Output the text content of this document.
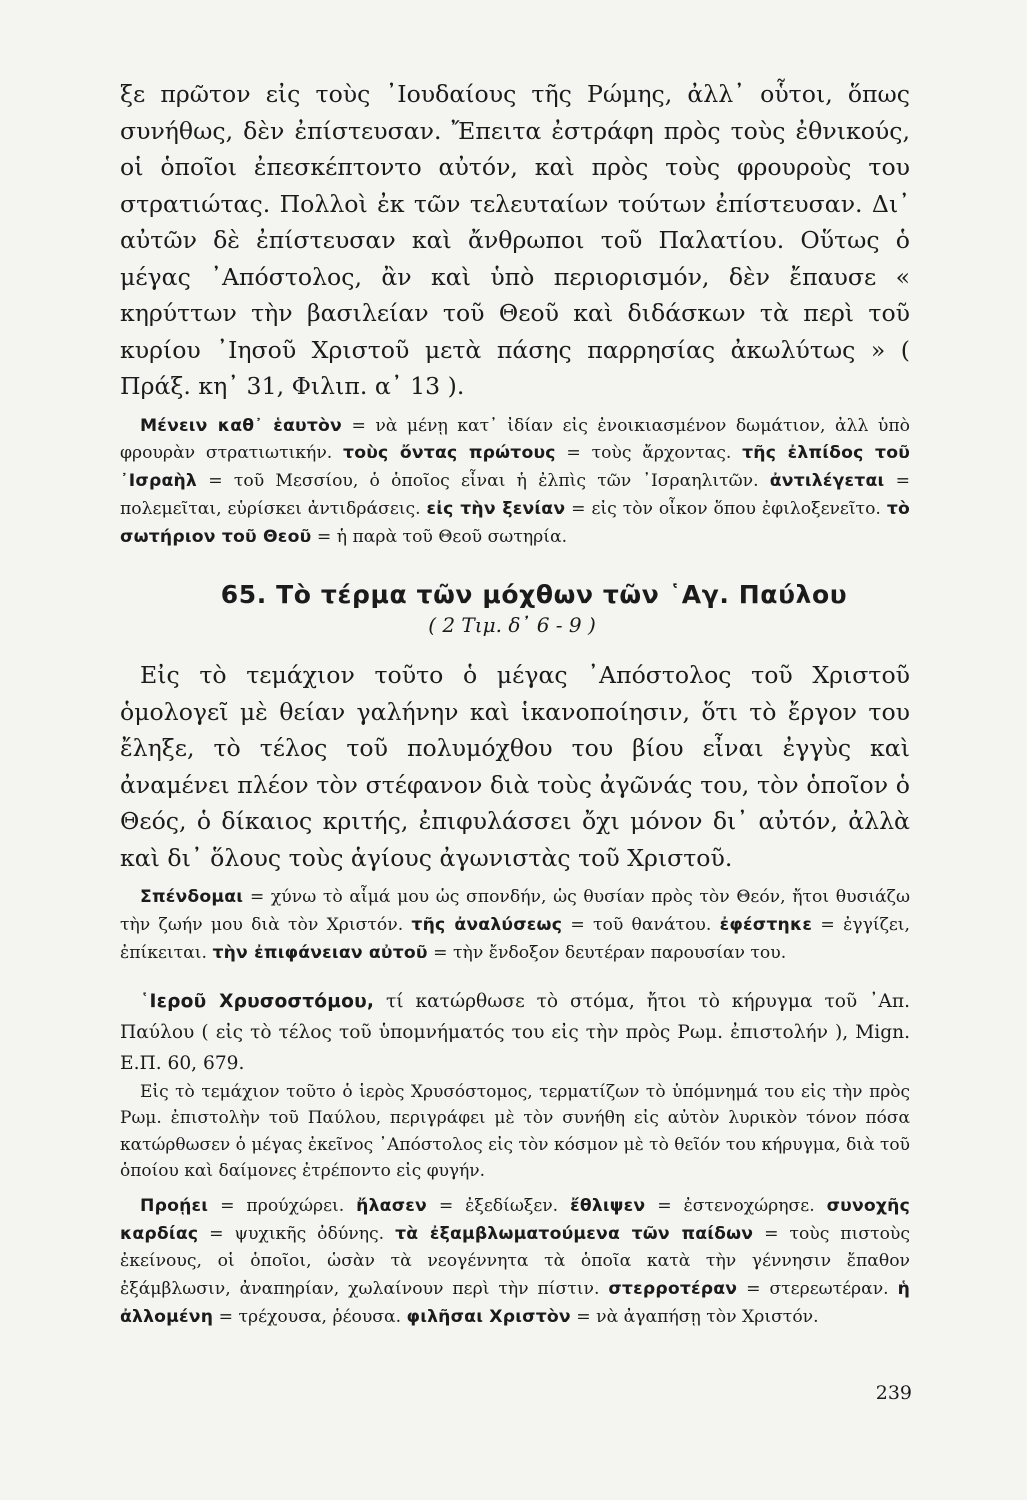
ξε πρῶτον εἰς τοὺς ᾿Ιουδαίους τῆς Ρώμης, ἀλλ᾿ οὗτοι, ὅπως συνήθως, δὲν ἐπίστευσαν. Ἔπειτα ἐστράφη πρὸς τοὺς ἐθνικούς, οἱ ὁποῖοι ἐπεσκέπτοντο αὐτόν, καὶ πρὸς τοὺς φρουροὺς του στρατιώτας. Πολλοὶ ἐκ τῶν τελευταίων τούτων ἐπίστευσαν. Δι᾿ αὐτῶν δὲ ἐπίστευσαν καὶ ἄνθρωποι τοῦ Παλατίου. Οὕτως ὁ μέγας ᾿Απόστολος, ἂν καὶ ὑπὸ περιορισμόν, δὲν ἔπαυσε « κηρύττων τὴν βασιλείαν τοῦ Θεοῦ καὶ διδάσκων τὰ περὶ τοῦ κυρίου ᾿Ιησοῦ Χριστοῦ μετὰ πάσης παρρησίας ἀκωλύτως » ( Πράξ. κη᾿ 31, Φιλιπ. α᾿ 13 ).

Μένειν καθ᾿ ἑαυτὸν = νὰ μένῃ κατ᾿ ἰδίαν εἰς ἐνοικιασμένον δωμάτιον, ἀλλ ὑπὸ φρουρὰν στρατιωτικήν. τοὺς ὄντας πρώτους = τοὺς ἄρχοντας. τῆς ἐλπίδος τοῦ ᾿Ισραὴλ = τοῦ Μεσσίου, ὁ ὁποῖος εἶναι ἡ ἐλπὶς τῶν ᾿Ισραηλιτῶν. ἀντιλέγεται = πολεμεῖται, εὑρίσκει ἀντιδράσεις. εἰς τὴν ξενίαν = εἰς τὸν οἶκον ὅπου ἐφιλοξενεῖτο. τὸ σωτήριον τοῦ Θεοῦ = ἡ παρὰ τοῦ Θεοῦ σωτηρία.

65. Τὸ τέρμα τῶν μόχθων τῶν ῾Αγ. Παύλου

( 2 Τιμ. δ᾿ 6 - 9 )

Εἰς τὸ τεμάχιον τοῦτο ὁ μέγας ᾿Απόστολος τοῦ Χριστοῦ ὁμολογεῖ μὲ θείαν γαλήνην καὶ ἱκανοποίησιν, ὅτι τὸ ἔργον του ἔληξε, τὸ τέλος τοῦ πολυμόχθου του βίου εἶναι ἐγγὺς καὶ ἀναμένει πλέον τὸν στέφανον διὰ τοὺς ἀγῶνάς του, τὸν ὁποῖον ὁ Θεός, ὁ δίκαιος κριτής, ἐπιφυλάσσει ὄχι μόνον δι᾿ αὐτόν, ἀλλὰ καὶ δι᾿ ὅλους τοὺς ἁγίους ἀγωνιστὰς τοῦ Χριστοῦ.

Σπένδομαι = χύνω τὸ αἷμά μου ὡς σπονδήν, ὡς θυσίαν πρὸς τὸν Θεόν, ἤτοι θυσιάζω τὴν ζωήν μου διὰ τὸν Χριστόν. τῆς ἀναλύσεως = τοῦ θανάτου. ἐφέστηκε = ἐγγίζει, ἐπίκειται. τὴν ἐπιφάνειαν αὐτοῦ = τὴν ἔνδοξον δευτέραν παρουσίαν του.

῾Ιεροῦ Χρυσοστόμου, τί κατώρθωσε τὸ στόμα, ἤτοι τὸ κήρυγμα τοῦ ᾿Απ. Παύλου ( εἰς τὸ τέλος τοῦ ὑπομνήματός του εἰς τὴν πρὸς Ρωμ. ἐπιστολήν ), Mign. Ε.Π. 60, 679.

Εἰς τὸ τεμάχιον τοῦτο ὁ ἱερὸς Χρυσόστομος, τερματίζων τὸ ὑπόμνημά του εἰς τὴν πρὸς Ρωμ. ἐπιστολὴν τοῦ Παύλου, περιγράφει μὲ τὸν συνήθη εἰς αὐτὸν λυρικὸν τόνον πόσα κατώρθωσεν ὁ μέγας ἐκεῖνος ᾿Απόστολος εἰς τὸν κόσμον μὲ τὸ θεῖόν του κήρυγμα, διὰ τοῦ ὁποίου καὶ δαίμονες ἐτρέποντο εἰς φυγήν.

Προῄει = προύχώρει. ἤλασεν = ἐξεδίωξεν. ἔθλιψεν = ἐστενοχώρησε. συνοχῆς καρδίας = ψυχικῆς ὀδύνης. τὰ ἐξαμβλωματούμενα τῶν παίδων = τοὺς πιστοὺς ἐκείνους, οἱ ὁποῖοι, ὡσὰν τὰ νεογέννητα τὰ ὁποῖα κατὰ τὴν γέννησιν ἔπαθον ἐξάμβλωσιν, ἀναπηρίαν, χωλαίνουν περὶ τὴν πίστιν. στερροτέραν = στερεωτέραν. ἡ ἀλλομένη = τρέχουσα, ῥέουσα. φιλῆσαι Χριστὸν = νὰ ἀγαπήσῃ τὸν Χριστόν.

239
